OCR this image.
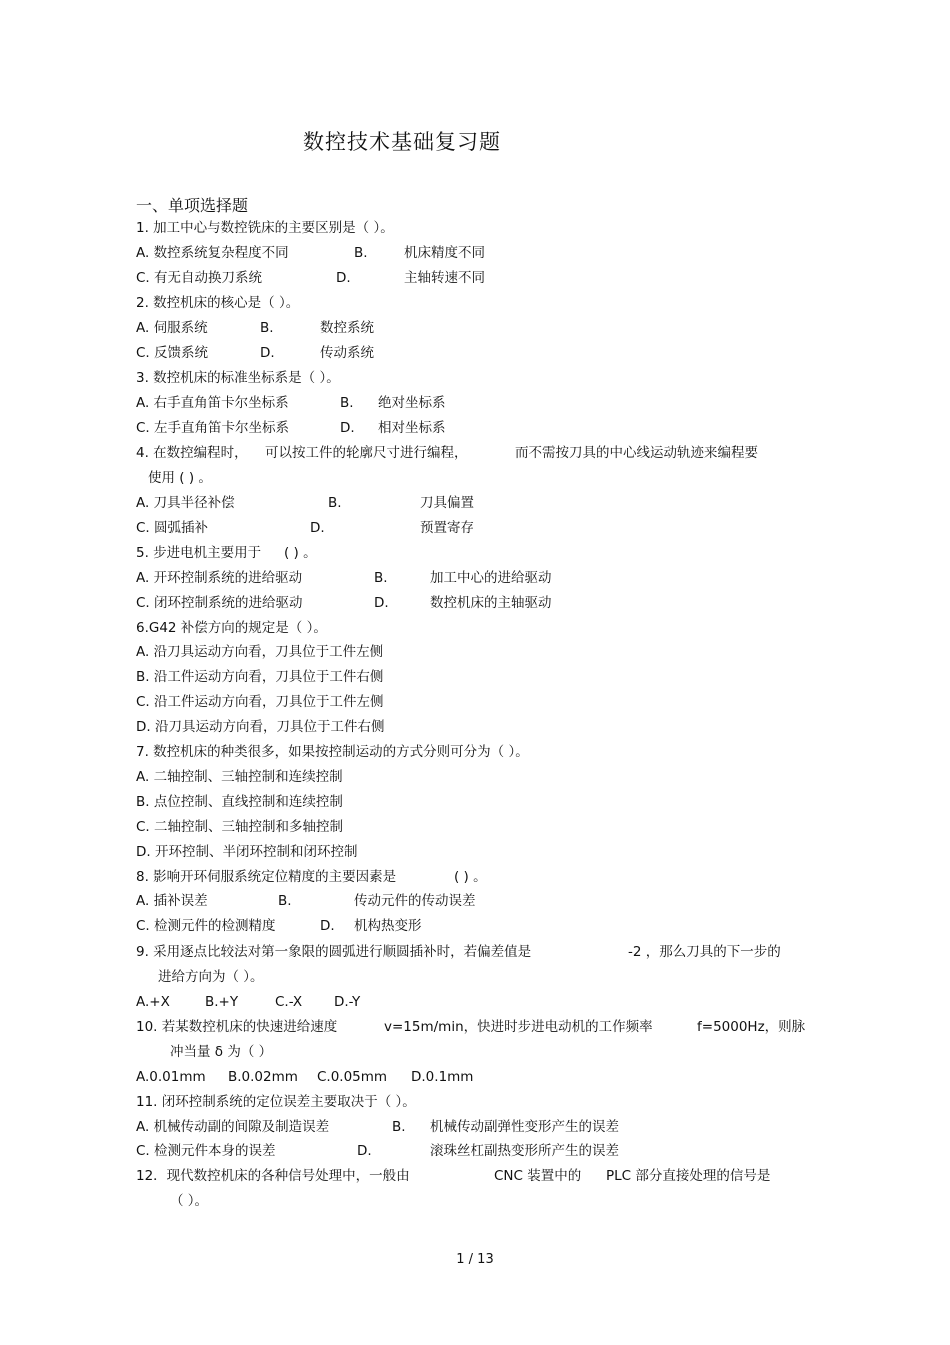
数控技术基础复习题
一、单项选择题
1. 加工中心与数控铣床的主要区别是（ ）。
A. 数控系统复杂程度不同	B.	机床精度不同
C. 有无自动换刀系统	D.	主轴转速不同
2. 数控机床的核心是（ ）。
A. 伺服系统	B.	数控系统
C. 反馈系统	D.	传动系统
3. 数控机床的标准坐标系是（ ）。
A. 右手直角笛卡尔坐标系	B. 绝对坐标系
C. 左手直角笛卡尔坐标系	D. 相对坐标系
4. 在数控编程时， 可以按工件的轮廓尺寸进行编程，	而不需按刀具的中心线运动轨迹来编程要
使用 ( ) 。
A. 刀具半径补偿	B.	刀具偏置
C. 圆弧插补	D.	预置寄存
5. 步进电机主要用于 ( ) 。
A. 开环控制系统的进给驱动	B.	加工中心的进给驱动
C. 闭环控制系统的进给驱动	D.	数控机床的主轴驱动
6.G42 补偿方向的规定是（ ）。
A. 沿刀具运动方向看，刀具位于工件左侧
B. 沿工件运动方向看，刀具位于工件右侧
C. 沿工件运动方向看，刀具位于工件左侧
D. 沿刀具运动方向看，刀具位于工件右侧
7. 数控机床的种类很多，如果按控制运动的方式分则可分为（ ）。
A. 二轴控制、三轴控制和连续控制
B. 点位控制、直线控制和连续控制
C. 二轴控制、三轴控制和多轴控制
D. 开环控制、半闭环控制和闭环控制
8. 影响开环伺服系统定位精度的主要因素是	( ) 。
A. 插补误差	B.	传动元件的传动误差
C. 检测元件的检测精度	D. 机构热变形
9. 采用逐点比较法对第一象限的圆弧进行顺圆插补时，若偏差值是	-2 ，那么刀具的下一步的
进给方向为（ ）。
A.+X	B.+Y	C.-X D.-Y
10. 若某数控机床的快速进给速度	v=15m/min，快进时步进电动机的工作频率	f=5000Hz，则脉
冲当量 δ 为（ ）
A.0.01mm B.0.02mm C.0.05mm D.0.1mm
11. 闭环控制系统的定位误差主要取决于（ ）。
A. 机械传动副的间隙及制造误差	B. 机械传动副弹性变形产生的误差
C. 检测元件本身的误差	D.	滚珠丝杠副热变形所产生的误差
12．现代数控机床的各种信号处理中，一般由	CNC 装置中的 PLC 部分直接处理的信号是
（ ）。
1 / 13
